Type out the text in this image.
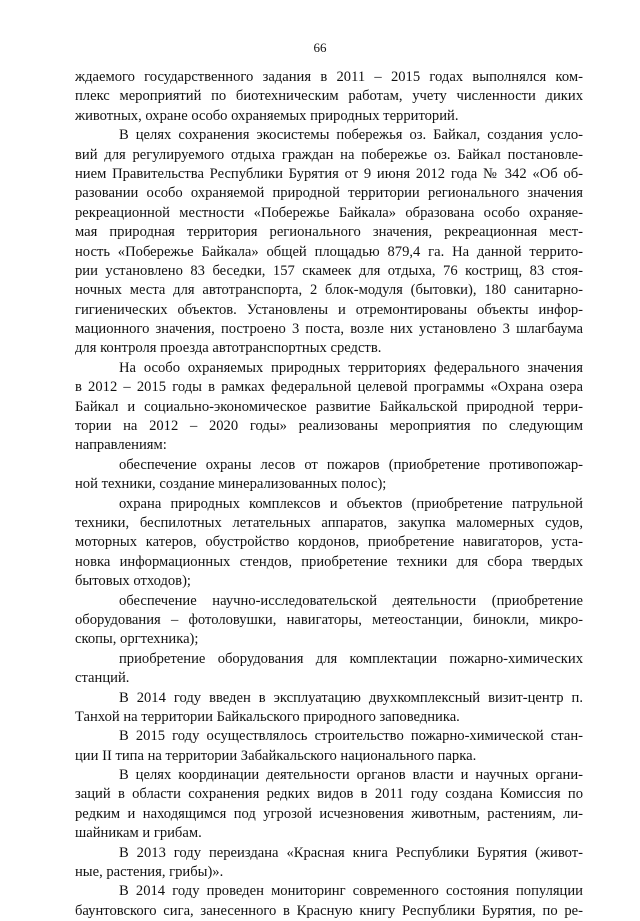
66
ждаемого государственного задания в 2011 – 2015 годах выполнялся ком-
плекс мероприятий по биотехническим работам, учету численности диких
животных, охране особо охраняемых природных территорий.
В целях сохранения экосистемы побережья оз. Байкал, создания усло-
вий для регулируемого отдыха граждан на побережье оз. Байкал постановле-
нием Правительства Республики Бурятия от 9 июня 2012 года № 342 «Об об-
разовании особо охраняемой природной территории регионального значения
рекреационной местности «Побережье Байкала» образована особо охраняе-
мая природная территория регионального значения, рекреационная мест-
ность «Побережье Байкала» общей площадью 879,4 га. На данной террито-
рии установлено 83 беседки, 157 скамеек для отдыха, 76 кострищ, 83 стоя-
ночных места для автотранспорта, 2 блок-модуля (бытовки), 180 санитарно-
гигиенических объектов. Установлены и отремонтированы объекты инфор-
мационного значения, построено 3 поста, возле них установлено 3 шлагбаума
для контроля проезда автотранспортных средств.
На особо охраняемых природных территориях федерального значения
в 2012 – 2015 годы в рамках федеральной целевой программы «Охрана озера
Байкал и социально-экономическое развитие Байкальской природной терри-
тории на 2012 – 2020 годы» реализованы мероприятия по следующим
направлениям:
обеспечение охраны лесов от пожаров (приобретение противопожар-
ной техники, создание минерализованных полос);
охрана природных комплексов и объектов (приобретение патрульной
техники, беспилотных летательных аппаратов, закупка маломерных судов,
моторных катеров, обустройство кордонов, приобретение навигаторов, уста-
новка информационных стендов, приобретение техники для сбора твердых
бытовых отходов);
обеспечение научно-исследовательской деятельности (приобретение
оборудования – фотоловушки, навигаторы, метеостанции, бинокли, микро-
скопы, оргтехника);
приобретение оборудования для комплектации пожарно-химических
станций.
В 2014 году введен в эксплуатацию двухкомплексный визит-центр п.
Танхой на территории Байкальского природного заповедника.
В 2015 году осуществлялось строительство пожарно-химической стан-
ции II типа на территории Забайкальского национального парка.
В целях координации деятельности органов власти и научных органи-
заций в области сохранения редких видов в 2011 году создана Комиссия по
редким и находящимся под угрозой исчезновения животным, растениям, ли-
шайникам и грибам.
В 2013 году переиздана «Красная книга Республики Бурятия (живот-
ные, растения, грибы)».
В 2014 году проведен мониторинг современного состояния популяции
баунтовского сига, занесенного в Красную книгу Республики Бурятия, по ре-
